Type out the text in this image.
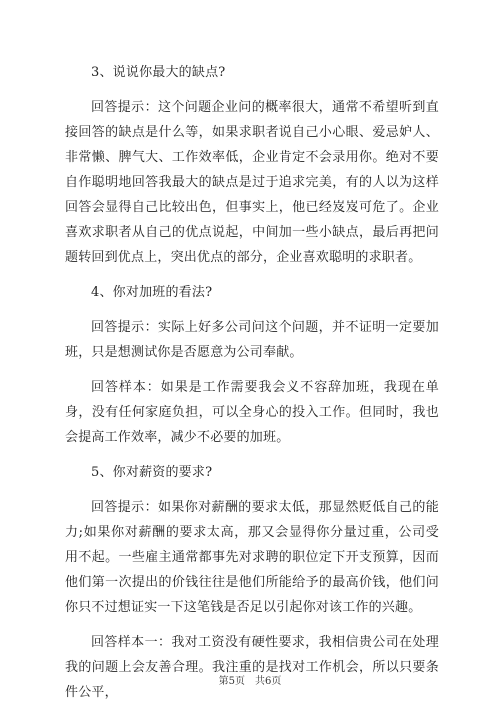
3、说说你最大的缺点?

回答提示：这个问题企业问的概率很大，通常不希望听到直接回答的缺点是什么等，如果求职者说自己小心眼、爱忌妒人、非常懒、脾气大、工作效率低，企业肯定不会录用你。绝对不要自作聪明地回答我最大的缺点是过于追求完美，有的人以为这样回答会显得自己比较出色，但事实上，他已经岌岌可危了。企业喜欢求职者从自己的优点说起，中间加一些小缺点，最后再把问题转回到优点上，突出优点的部分，企业喜欢聪明的求职者。

4、你对加班的看法?

回答提示：实际上好多公司问这个问题，并不证明一定要加班，只是想测试你是否愿意为公司奉献。

回答样本：如果是工作需要我会义不容辞加班，我现在单身，没有任何家庭负担，可以全身心的投入工作。但同时，我也会提高工作效率，减少不必要的加班。

5、你对薪资的要求?

回答提示：如果你对薪酬的要求太低，那显然贬低自己的能力;如果你对薪酬的要求太高，那又会显得你分量过重，公司受用不起。一些雇主通常都事先对求聘的职位定下开支预算，因而他们第一次提出的价钱往往是他们所能给予的最高价钱，他们问你只不过想证实一下这笔钱是否足以引起你对该工作的兴趣。

回答样本一：我对工资没有硬性要求，我相信贵公司在处理我的问题上会友善合理。我注重的是找对工作机会，所以只要条件公平，

第5页　共6页
